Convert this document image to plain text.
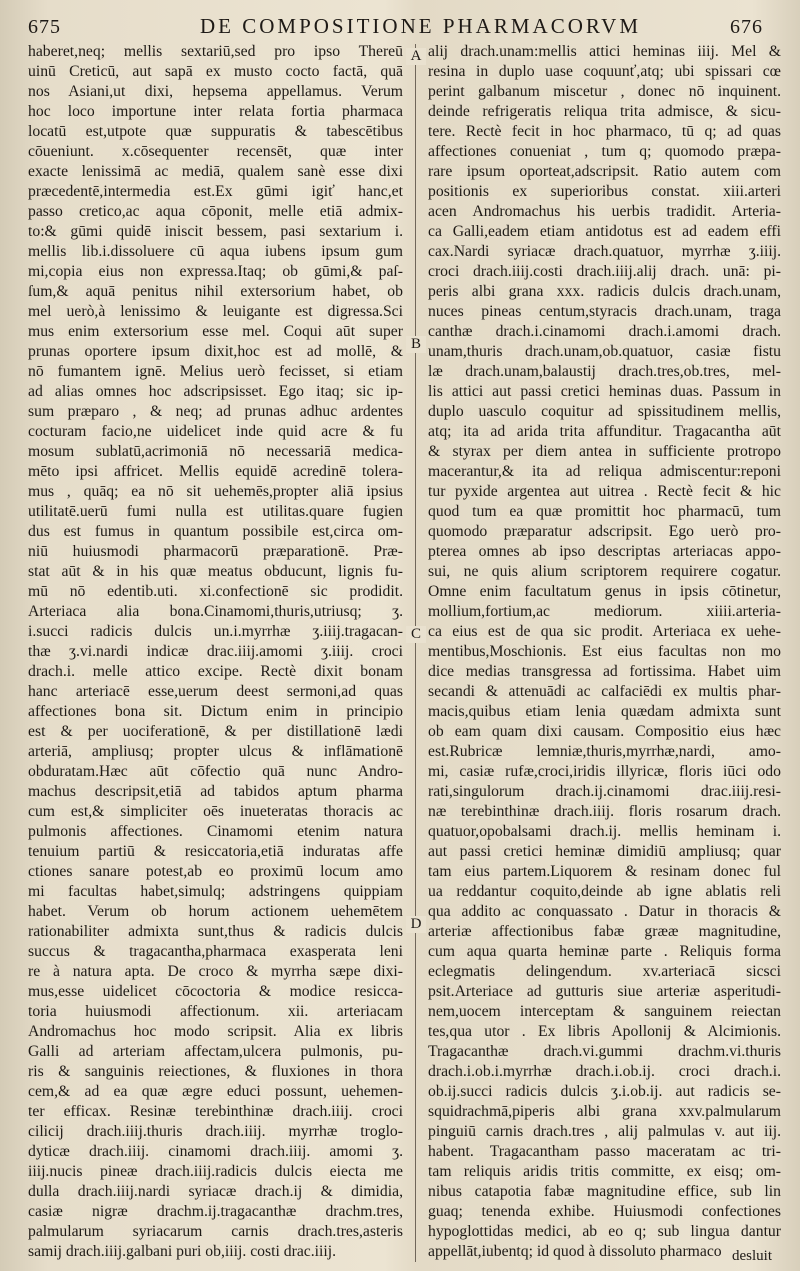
675	DE COMPOSITIONE PHARMACORVM	676
haberet,neq; mellis sextariū,sed pro ipso Thereū
uinū Creticū, aut sapā ex musto cocto factā, quā
nos Asiani,ut dixi, hepsema appellamus. Verum
hoc loco importune inter relata fortia pharmaca
locatū est,utpote quæ suppuratis & tabescētibus
cōueniunt. x.cōsequenter recensēt, quæ inter
exacte lenissimā ac mediā, qualem sanè esse dixi
præcedentē,intermedia est.Ex gūmi igiť hanc,et
passo cretico,ac aqua cōponit, melle etiā admix-
to:& gūmi quidē iniscit bessem, pasi sextarium i.
mellis lib.i.dissoluere cū aqua iubens ipsum gum
mi,copia eius non expressa.Itaq; ob gūmi,& paſ-
ſum,& aquā penitus nihil extersorium habet, ob
mel uerò,à lenissimo & leuigante est digressa.Sci
mus enim extersorium esse mel. Coqui aūt super
prunas oportere ipsum dixit,hoc est ad mollē, &
nō fumantem ignē. Melius uerò fecisset, si etiam
ad alias omnes hoc adscripsisset. Ego itaq; sic ip-
sum præparo , & neq; ad prunas adhuc ardentes
cocturam facio,ne uidelicet inde quid acre & fu
mosum sublatū,acrimoniā nō necessariā medica-
mēto ipsi affricet. Mellis equidē acredinē tolera-
mus , quāq; ea nō sit uehemēs,propter aliā ipsius
utilitatē.uerū fumi nulla est utilitas.quare fugien
dus est fumus in quantum possibile est,circa om-
niū huiusmodi pharmacorū præparationē. Præ-
stat aūt & in his quæ meatus obducunt, lignis fu-
mū nō edentib.uti. xi.confectionē sic prodidit.
Arteriaca alia bona.Cinamomi,thuris,utriusq; ʒ.
i.succi radicis dulcis un.i.myrrhæ ʒ.iiij.tragacan-
thæ ʒ.vi.nardi indicæ drac.iiij.amomi ʒ.iiij. croci
drach.i. melle attico excipe. Rectè dixit bonam
hanc arteriacē esse,uerum deest sermoni,ad quas
affectiones bona sit. Dictum enim in principio
est & per uociferationē, & per distillationē lædi
arteriā, ampliusq; propter ulcus & inflāmationē
obduratam.Hæc aūt cōfectio quā nunc Andro-
machus descripsit,etiā ad tabidos aptum pharma
cum est,& simpliciter oēs inueteratas thoracis ac
pulmonis affectiones. Cinamomi etenim natura
tenuium partiū & resiccatoria,etiā induratas affe
ctiones sanare potest,ab eo proximū locum amo
mi facultas habet,simulq; adstringens quippiam
habet. Verum ob horum actionem uehemētem
rationabiliter admixta sunt,thus & radicis dulcis
succus & tragacantha,pharmaca exasperata leni
re à natura apta. De croco & myrrha sæpe dixi-
mus,esse uidelicet cōcoctoria & modice resicca-
toria huiusmodi affectionum. xii. arteriacam
Andromachus hoc modo scripsit. Alia ex libris
Galli ad arteriam affectam,ulcera pulmonis, pu-
ris & sanguinis reiectiones, & fluxiones in thora
cem,& ad ea quæ ægre educi possunt, uehemen-
ter efficax. Resinæ terebinthinæ drach.iiij. croci
cilicij drach.iiij.thuris drach.iiij. myrrhæ troglo-
dyticæ drach.iiij. cinamomi drach.iiij. amomi ʒ.
iiij.nucis pineæ drach.iiij.radicis dulcis eiecta me
dulla drach.iiij.nardi syriacæ drach.ij & dimidia,
casiæ nigræ drachm.ij.tragacanthæ drachm.tres,
palmularum syriacarum carnis drach.tres,asteris
samij drach.iiij.galbani puri ob,iiij. costi drac.iiij.
A
B
C
D
alij drach.unam:mellis attici heminas iiij. Mel &
resina in duplo uase coquunť,atq; ubi spissari cœ
perint galbanum miscetur , donec nō inquinent.
deinde refrigeratis reliqua trita admisce, & sicu-
tere. Rectè fecit in hoc pharmaco, tū q; ad quas
affectiones conueniat , tum q; quomodo præpa-
rare ipsum oporteat,adscripsit. Ratio autem com
positionis ex superioribus constat. xiii.arteri
acen Andromachus his uerbis tradidit. Arteria-
ca Galli,eadem etiam antidotus est ad eadem effi
cax.Nardi syriacæ drach.quatuor, myrrhæ ʒ.iiij.
croci drach.iiij.costi drach.iiij.alij drach. unā: pi-
peris albi grana xxx. radicis dulcis drach.unam,
nuces pineas centum,styracis drach.unam, traga
canthæ drach.i.cinamomi drach.i.amomi drach.
unam,thuris drach.unam,ob.quatuor, casiæ fistu
læ drach.unam,balaustij drach.tres,ob.tres, mel-
lis attici aut passi cretici heminas duas. Passum in
duplo uasculo coquitur ad spissitudinem mellis,
atq; ita ad arida trita affunditur. Tragacantha aūt
& styrax per diem antea in sufficiente protropo
macerantur,& ita ad reliqua admiscentur:reponi
tur pyxide argentea aut uitrea . Rectè fecit & hic
quod tum ea quæ promittit hoc pharmacū, tum
quomodo præparatur adscripsit. Ego uerò pro-
pterea omnes ab ipso descriptas arteriacas appo-
sui, ne quis alium scriptorem requirere cogatur.
Omne enim facultatum genus in ipsis cōtinetur,
mollium,fortium,ac mediorum. xiiii.arteria-
ca eius est de qua sic prodit. Arteriaca ex uehe-
mentibus,Moschionis. Est eius facultas non mo
dice medias transgressa ad fortissima. Habet uim
secandi & attenuādi ac calfaciēdi ex multis phar-
macis,quibus etiam lenia quædam admixta sunt
ob eam quam dixi causam. Compositio eius hæc
est.Rubricæ lemniæ,thuris,myrrhæ,nardi, amo-
mi, casiæ rufæ,croci,iridis illyricæ, floris iūci odo
rati,singulorum drach.ij.cinamomi drac.iiij.resi-
næ terebinthinæ drach.iiij. floris rosarum drach.
quatuor,opobalsami drach.ij. mellis heminam i.
aut passi cretici heminæ dimidiū ampliusq; quar
tam eius partem.Liquorem & resinam donec ful
ua reddantur coquito,deinde ab igne ablatis reli
qua addito ac conquassato . Datur in thoracis &
arteriæ affectionibus fabæ grææ magnitudine,
cum aqua quarta heminæ parte . Reliquis forma
eclegmatis delingendum. xv.arteriacā sicsci
psit.Arteriace ad gutturis siue arteriæ asperitudi-
nem,uocem interceptam & sanguinem reiectan
tes,qua utor . Ex libris Apollonij & Alcimionis.
Tragacanthæ drach.vi.gummi drachm.vi.thuris
drach.i.ob.i.myrrhæ drach.i.ob.ij. croci drach.i.
ob.ij.succi radicis dulcis ʒ.i.ob.ij. aut radicis se-
squidrachmā,piperis albi grana xxv.palmularum
pinguiū carnis drach.tres , alij palmulas v. aut iij.
habent. Tragacantham passo maceratam ac tri-
tam reliquis aridis tritis committe, ex eisq; om-
nibus catapotia fabæ magnitudine effice, sub lin
guaq; tenenda exhibe. Huiusmodi confectiones
hypoglottidas medici, ab eo q; sub lingua dantur
appellāt,iubentq; id quod à dissoluto pharmaco desluit
